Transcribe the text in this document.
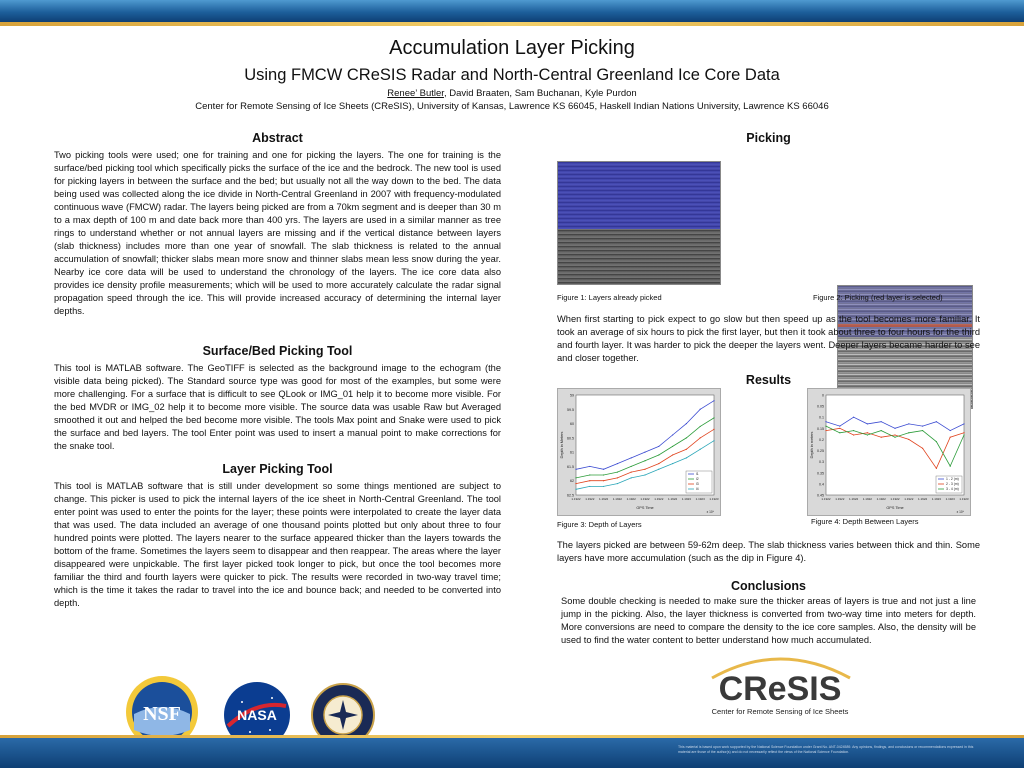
Accumulation Layer Picking
Using FMCW CReSIS Radar and North-Central Greenland Ice Core Data
Renee’ Butler, David Braaten, Sam Buchanan, Kyle Purdon
Center for Remote Sensing of Ice Sheets (CReSIS), University of Kansas, Lawrence KS 66045, Haskell Indian Nations University, Lawrence KS 66046
Abstract

Two picking tools were used; one for training and one for picking the layers. The one for training is the surface/bed picking tool which specifically picks the surface of the ice and the bedrock. The new tool is used for picking layers in between the surface and the bed; but usually not all the way down to the bed. The data being used was collected along the ice divide in North-Central Greenland in 2007 with frequency-modulated continuous wave (FMCW) radar. The layers being picked are from a 70km segment and is deeper than 30 m to a max depth of 100 m and date back more than 400 yrs. The layers are used in a similar manner as tree rings to understand whether or not annual layers are missing and if the vertical distance between layers (slab thickness) includes more than one year of snowfall. The slab thickness is related to the annual accumulation of snowfall; thicker slabs mean more snow and thinner slabs mean less snow during the year. Nearby ice core data will be used to understand the chronology of the layers. The ice core data also provides ice density profile measurements; which will be used to more accurately calculate the radar signal propagation speed through the ice. This will provide increased accuracy of determining the internal layer depths.

Surface/Bed Picking Tool

This tool is MATLAB software. The GeoTIFF is selected as the background image to the echogram (the visible data being picked). The Standard source type was good for most of the examples, but some were more challenging. For a surface that is difficult to see QLook or IMG_01 help it to become more visible. For the bed MVDR or IMG_02 help it to become more visible. The source data was usable Raw but Averaged smoothed it out and helped the bed become more visible. The tools Max point and Snake were used to pick the surface and bed layers. The tool Enter point was used to insert a manual point to make corrections for the snake tool.

Layer Picking Tool

This tool is MATLAB software that is still under development so some things mentioned are subject to change. This picker is used to pick the internal layers of the ice sheet in North-Central Greenland. The tool enter point was used to enter the points for the layer; these points were interpolated to create the layer data that was used. The data included an average of one thousand points plotted but only about three to four hundred points were plotted. The layers nearer to the surface appeared thicker than the layers towards the bottom of the frame. Sometimes the layers seem to disappear and then reappear. The areas where the layer disappeared were unpickable. The first layer picked took longer to pick, but once the tool becomes more familiar the third and fourth layers were quicker to pick. The results were recorded in two-way travel time; which is the time it takes the radar to travel into the ice and bounce back; and needed to be converted into depth.

Picking
Figure 1: Layers already picked	Figure 2: Picking (red layer is selected)

When first starting to pick expect to go slow but then speed up as the tool becomes more familiar. It took an average of six hours to pick the first layer, but then it took about three to four hours for the third and fourth layer. It was harder to pick the deeper the layers went. Deeper layers became harder to see and closer together.

Results
59
59.5
60
60.5
61
61.5
62
62.5
1.1922 1.1922 1.1922 1.1922 1.1922 1.1922 1.1922 1.1922 1.1923 1.1923 1.1923
GPS Time
x 10⁹
Depth in Meters
l1
l2
l3
l4
Figure 3: Depth of Layers
0
0.05
0.1
0.15
0.2
0.25
0.3
0.35
0.4
0.45
1.1922 1.1922 1.1922 1.1922 1.1922 1.1922 1.1922 1.1922 1.1923 1.1923 1.1923
GPS Time
x 10⁹
Depth in meters
1 - 2 (m)
2 - 3 (m)
3 - 4 (m)
Figure 4: Depth Between Layers

The layers picked are between 59-62m deep. The slab thickness varies between thick and thin. Some layers have more accumulation (such as the dip in Figure 4).

Conclusions

Some double checking is needed to make sure the thicker areas of layers is true and not just a line jump in the picking. Also, the layer thickness is converted from two-way time into meters for depth. More conversions are need to compare the density to the ice core samples. Also, the density will be used to find the water content to better understand how much accumulated.

NSF	NASA
CReSIS
Center for Remote Sensing of Ice Sheets
This material is based upon work supported by the National Science Foundation under Grant No. ANT-0424589. Any opinions, findings, and conclusions or recommendations expressed in this material are those of the author(s) and do not necessarily reflect the views of the National Science Foundation.
